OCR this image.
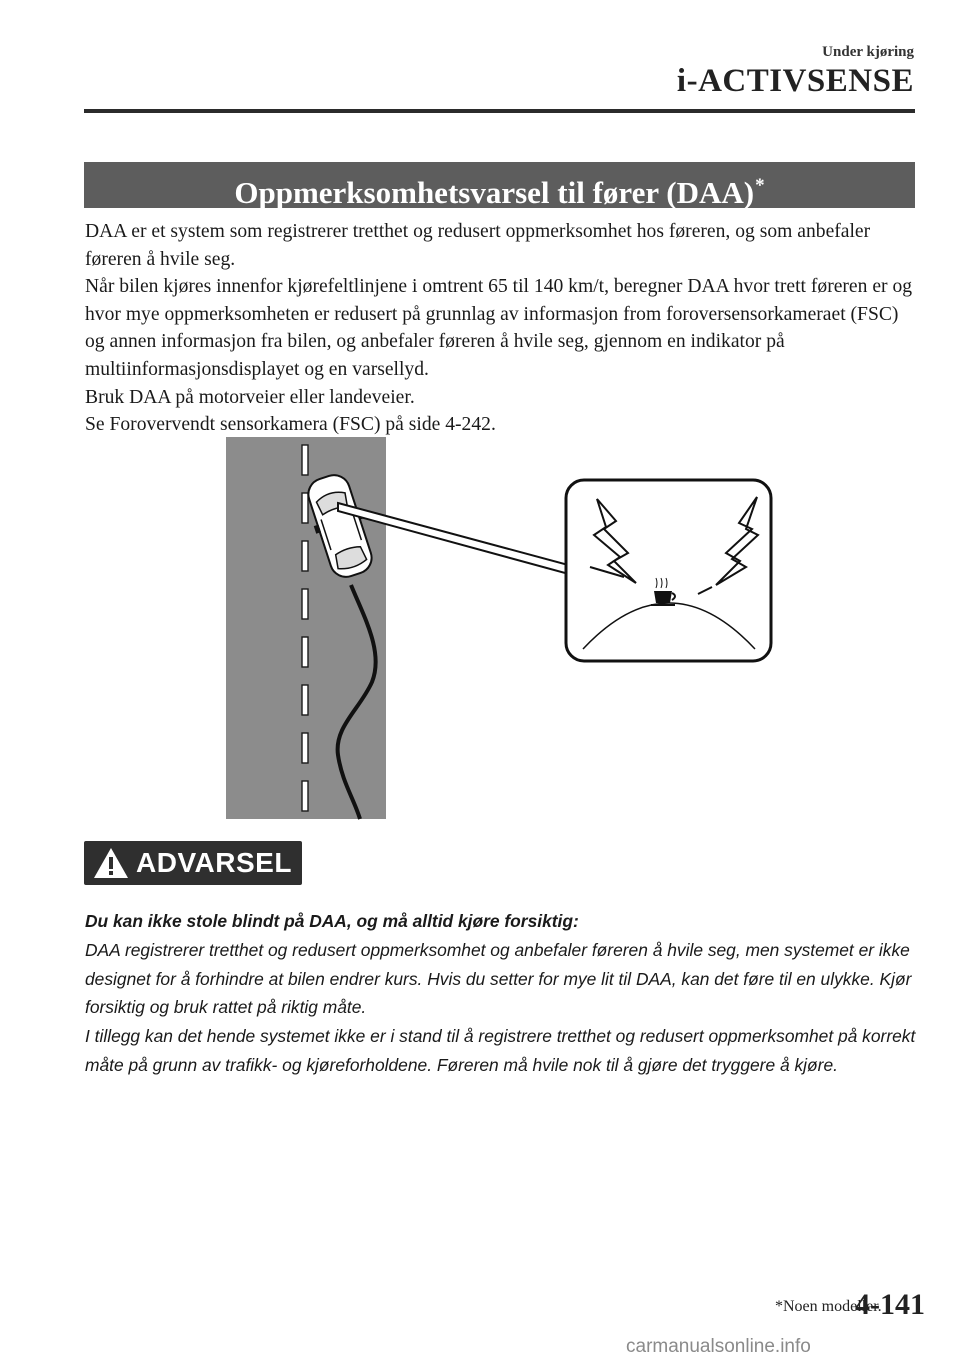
Under kjøring
i-ACTIVSENSE
Oppmerksomhetsvarsel til fører (DAA)*

DAA er et system som registrerer tretthet og redusert oppmerksomhet hos føreren, og som anbefaler føreren å hvile seg.

Når bilen kjøres innenfor kjørefeltlinjene i omtrent 65 til 140 km/t, beregner DAA hvor trett føreren er og hvor mye oppmerksomheten er redusert på grunnlag av informasjon from foroversensorkameraet (FSC) og annen informasjon fra bilen, og anbefaler føreren å hvile seg, gjennom en indikator på multiinformasjonsdisplayet og en varsellyd.

Bruk DAA på motorveier eller landeveier.

Se Forovervendt sensorkamera (FSC) på side 4-242.

ADVARSEL

Du kan ikke stole blindt på DAA, og må alltid kjøre forsiktig:

DAA registrerer tretthet og redusert oppmerksomhet og anbefaler føreren å hvile seg, men systemet er ikke designet for å forhindre at bilen endrer kurs. Hvis du setter for mye lit til DAA, kan det føre til en ulykke. Kjør forsiktig og bruk rattet på riktig måte.

I tillegg kan det hende systemet ikke er i stand til å registrere tretthet og redusert oppmerksomhet på korrekt måte på grunn av trafikk- og kjøreforholdene. Føreren må hvile nok til å gjøre det tryggere å kjøre.

*Noen modeller.
4-141
carmanualsonline.info
